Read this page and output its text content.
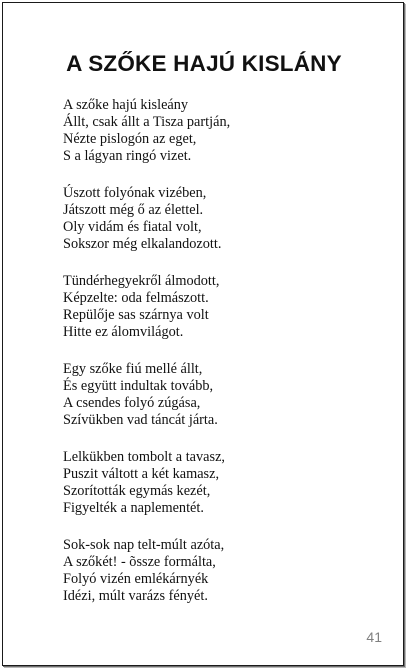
A SZŐKE HAJÚ KISLÁNY
A szőke hajú kisleány
Állt, csak állt a Tisza partján,
Nézte pislogón az eget,
S a lágyan ringó vizet.
Úszott folyónak vizében,
Játszott még ő az élettel.
Oly vidám és fiatal volt,
Sokszor még elkalandozott.
Tündérhegyekről álmodott,
Képzelte: oda felmászott.
Repülője sas szárnya volt
Hitte ez álomvilágot.
Egy szőke fiú mellé állt,
És együtt indultak tovább,
A csendes folyó zúgása,
Szívükben vad táncát járta.
Lelkükben tombolt a tavasz,
Puszit váltott a két kamasz,
Szorították egymás kezét,
Figyelték a naplementét.
Sok-sok nap telt-múlt azóta,
A szőkét! - õssze formálta,
Folyó vizén emlékárnyék
Idézi, múlt varázs fényét.
41
